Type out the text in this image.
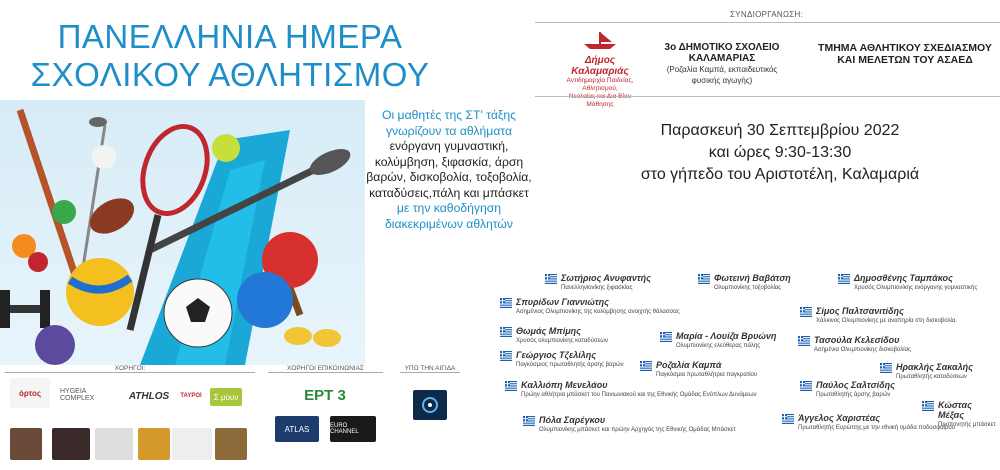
ΠΑΝΕΛΛΗΝΙΑ ΗΜΕΡΑ
ΣΧΟΛΙΚΟΥ ΑΘΛΗΤΙΣΜΟΥ
Οι μαθητές της ΣΤ' τάξης
γνωρίζουν τα αθλήματα
ενόργανη γυμναστική,
κολύμβηση, ξιφασκία, άρση
βαρών, δισκοβολία, τοξοβολία,
καταδύσεις,πάλη και μπάσκετ
με την καθοδήγηση
διακεκριμένων αθλητών
ΣΥΝΔΙΟΡΓΑΝΩΣΗ:
Δήμος Καλαμαριάς
Αντιδημαρχία Παιδείας, Αθλητισμού,
Μάθησης
3ο ΔΗΜΟΤΙΚΟ ΣΧΟΛΕΙΟ
ΚΑΛΑΜΑΡΙΑΣ
(Ροζαλία Καμπά, εκπαιδευτικός φυσικής αγωγής)
ΤΜΗΜΑ ΑΘΛΗΤΙΚΟΥ ΣΧΕΔΙΑΣΜΟΥ
ΚΑΙ ΜΕΛΕΤΩΝ ΤΟΥ ΑΣΑΕΔ
Παρασκευή 30 Σεπτεμβρίου 2022
και ώρες 9:30-13:30
στο γήπεδο του Αριστοτέλη, Καλαμαριά
Σωτήριος Ανυφαντής
Πανελληνιονίκης ξιφασκίας
Φωτεινή Βαβάτση
Ολυμπιονίκης τοξοβολίας
Δημοσθένης Ταμπάκος
Χρυσός Ολυμπιονίκης ενόργανης γυμναστικής
Σπυρίδων Γιαννιώτης
Ασημένιος Ολυμπιονίκης της κολύμβησης ανοιχτής θάλασσας	Σίμος Παλτσανιτίδης
Χάλκινος Ολυμπιονίκης με αναπηρία στη δισκοβολία.
Θωμάς Μπίμης
Χρυσός ολυμπιονίκης καταδύσεων	Μαρία - Λουίζα Βρυώνη
Ολυμπιονίκης ελεύθερας πάλης
Τασούλα Κελεσίδου
Ασημένια Ολυμπιονίκης δισκοβολίας
Γεώργιος Τζελίλης
Παγκόσμιος πρωταθλητής άρσης βαρών	Ροζαλία Καμπά
Παγκόσμια πρωταθλήτρια παγκρατίου
Ηρακλής Σακαλής
Πρωταθλητής καταδύσεων
Καλλιόπη Μενελάου
Πρώην αθλήτρια μπάσκετ του Πανιωνιακού και της Εθνικής Ομάδας Ενόπλων Δυνάμεων
Παύλος Σαλτσίδης
Πρωταθλητής άρσης βαρών
Κώστας Μέξας
Προπονητής μπάσκετ
Πόλα Σαρέγκου
Ολυμπιονίκης μπάσκετ και πρώην Αρχηγός της Εθνικής Ομάδας Μπάσκετ
Άγγελος Χαριστέας
Πρωταθλητής Ευρώπης με την εθνική ομάδα ποδοσφαίρου
ΧΟΡΗΓΟΙ:
όρτος	HYGEIA COMPLEX	ATHLOS	ΤΑΥΡΟΙ	Σ μουν
ΧΟΡΗΓΟΙ ΕΠΙΚΟΙΝΩΝΙΑΣ
ΕΡΤ 3
ATLAS	EURO CHANNEL
ΥΠΟ ΤΗΝ ΑΙΓΙΔΑ
